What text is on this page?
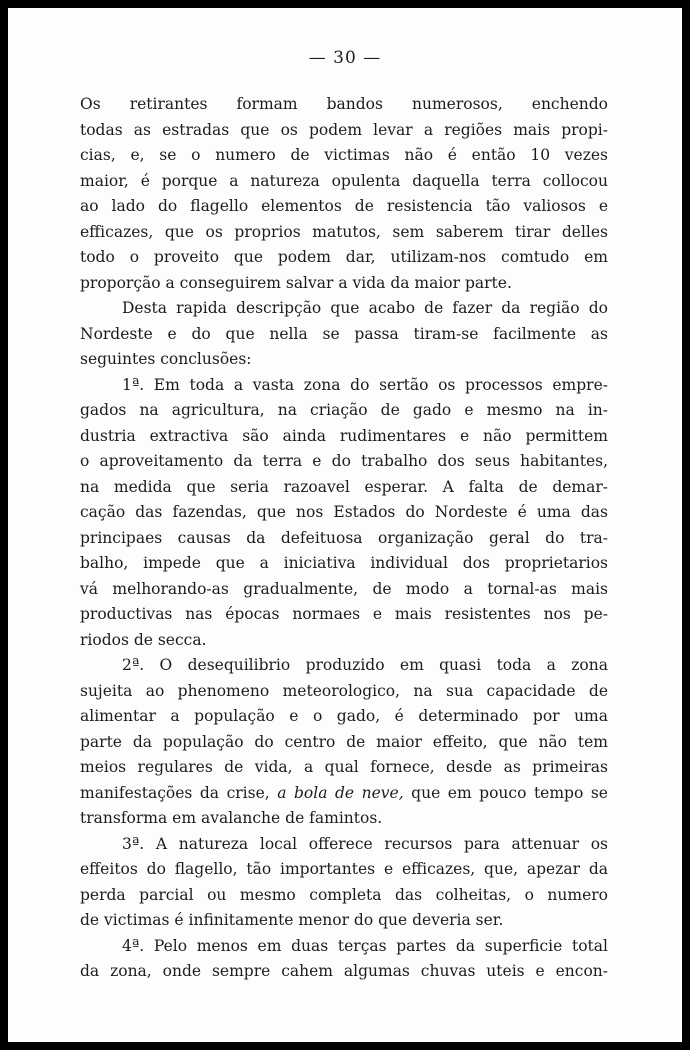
— 30 —
Os retirantes formam bandos numerosos, enchendo
todas as estradas que os podem levar a regiões mais propi-
cias, e, se o numero de victimas não é então 10 vezes
maior, é porque a natureza opulenta daquella terra collocou
ao lado do flagello elementos de resistencia tão valiosos e
efficazes, que os proprios matutos, sem saberem tirar delles
todo o proveito que podem dar, utilizam-nos comtudo em
proporção a conseguirem salvar a vida da maior parte.
Desta rapida descripção que acabo de fazer da região do
Nordeste e do que nella se passa tiram-se facilmente as
seguintes conclusões:
1ª. Em toda a vasta zona do sertão os processos empre-
gados na agricultura, na criação de gado e mesmo na in-
dustria extractiva são ainda rudimentares e não permittem
o aproveitamento da terra e do trabalho dos seus habitantes,
na medida que seria razoavel esperar. A falta de demar-
cação das fazendas, que nos Estados do Nordeste é uma das
principaes causas da defeituosa organização geral do tra-
balho, impede que a iniciativa individual dos proprietarios
vá melhorando-as gradualmente, de modo a tornal-as mais
productivas nas épocas normaes e mais resistentes nos pe-
riodos de secca.
2ª. O desequilibrio produzido em quasi toda a zona
sujeita ao phenomeno meteorologico, na sua capacidade de
alimentar a população e o gado, é determinado por uma
parte da população do centro de maior effeito, que não tem
meios regulares de vida, a qual fornece, desde as primeiras
manifestações da crise, a bola de neve, que em pouco tempo se
transforma em avalanche de famintos.
3ª. A natureza local offerece recursos para attenuar os
effeitos do flagello, tão importantes e efficazes, que, apezar da
perda parcial ou mesmo completa das colheitas, o numero
de victimas é infinitamente menor do que deveria ser.
4ª. Pelo menos em duas terças partes da superficie total
da zona, onde sempre cahem algumas chuvas uteis e encon-
